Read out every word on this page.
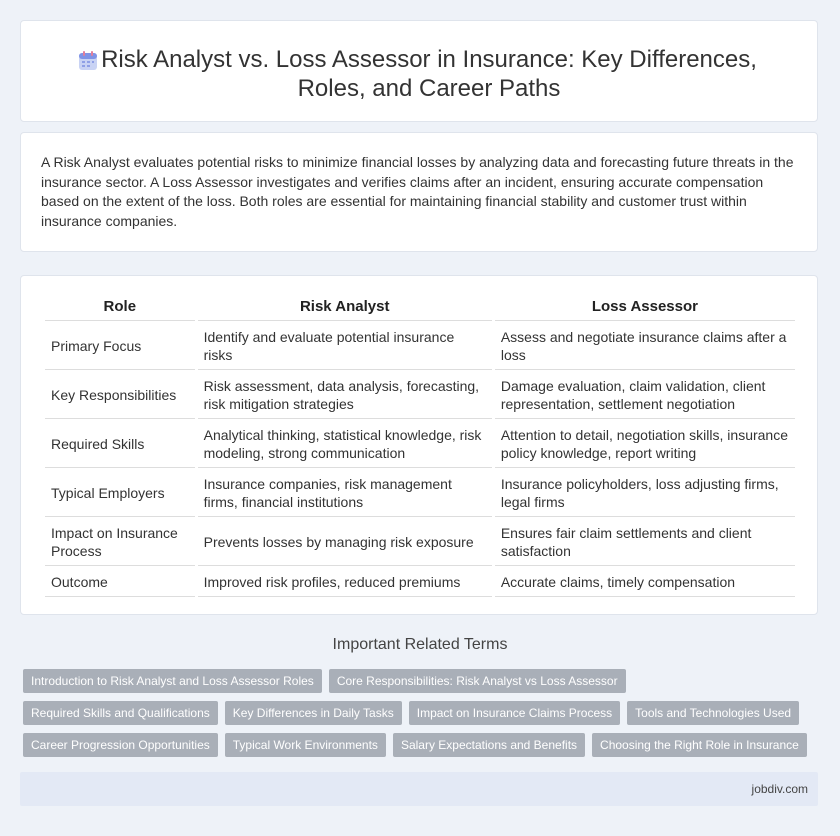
Risk Analyst vs. Loss Assessor in Insurance: Key Differences, Roles, and Career Paths

A Risk Analyst evaluates potential risks to minimize financial losses by analyzing data and forecasting future threats in the insurance sector. A Loss Assessor investigates and verifies claims after an incident, ensuring accurate compensation based on the extent of the loss. Both roles are essential for maintaining financial stability and customer trust within insurance companies.

Role	Risk Analyst	Loss Assessor
Primary Focus	Identify and evaluate potential insurance risks	Assess and negotiate insurance claims after a loss
Key Responsibilities	Risk assessment, data analysis, forecasting, risk mitigation strategies	Damage evaluation, claim validation, client representation, settlement negotiation
Required Skills	Analytical thinking, statistical knowledge, risk modeling, strong communication	Attention to detail, negotiation skills, insurance policy knowledge, report writing
Typical Employers	Insurance companies, risk management firms, financial institutions	Insurance policyholders, loss adjusting firms, legal firms
Impact on Insurance Process	Prevents losses by managing risk exposure	Ensures fair claim settlements and client satisfaction
Outcome	Improved risk profiles, reduced premiums	Accurate claims, timely compensation
Important Related Terms
Introduction to Risk Analyst and Loss Assessor Roles	Core Responsibilities: Risk Analyst vs Loss Assessor
Required Skills and Qualifications	Key Differences in Daily Tasks	Impact on Insurance Claims Process	Tools and Technologies Used
Career Progression Opportunities	Typical Work Environments	Salary Expectations and Benefits	Choosing the Right Role in Insurance
jobdiv.com
